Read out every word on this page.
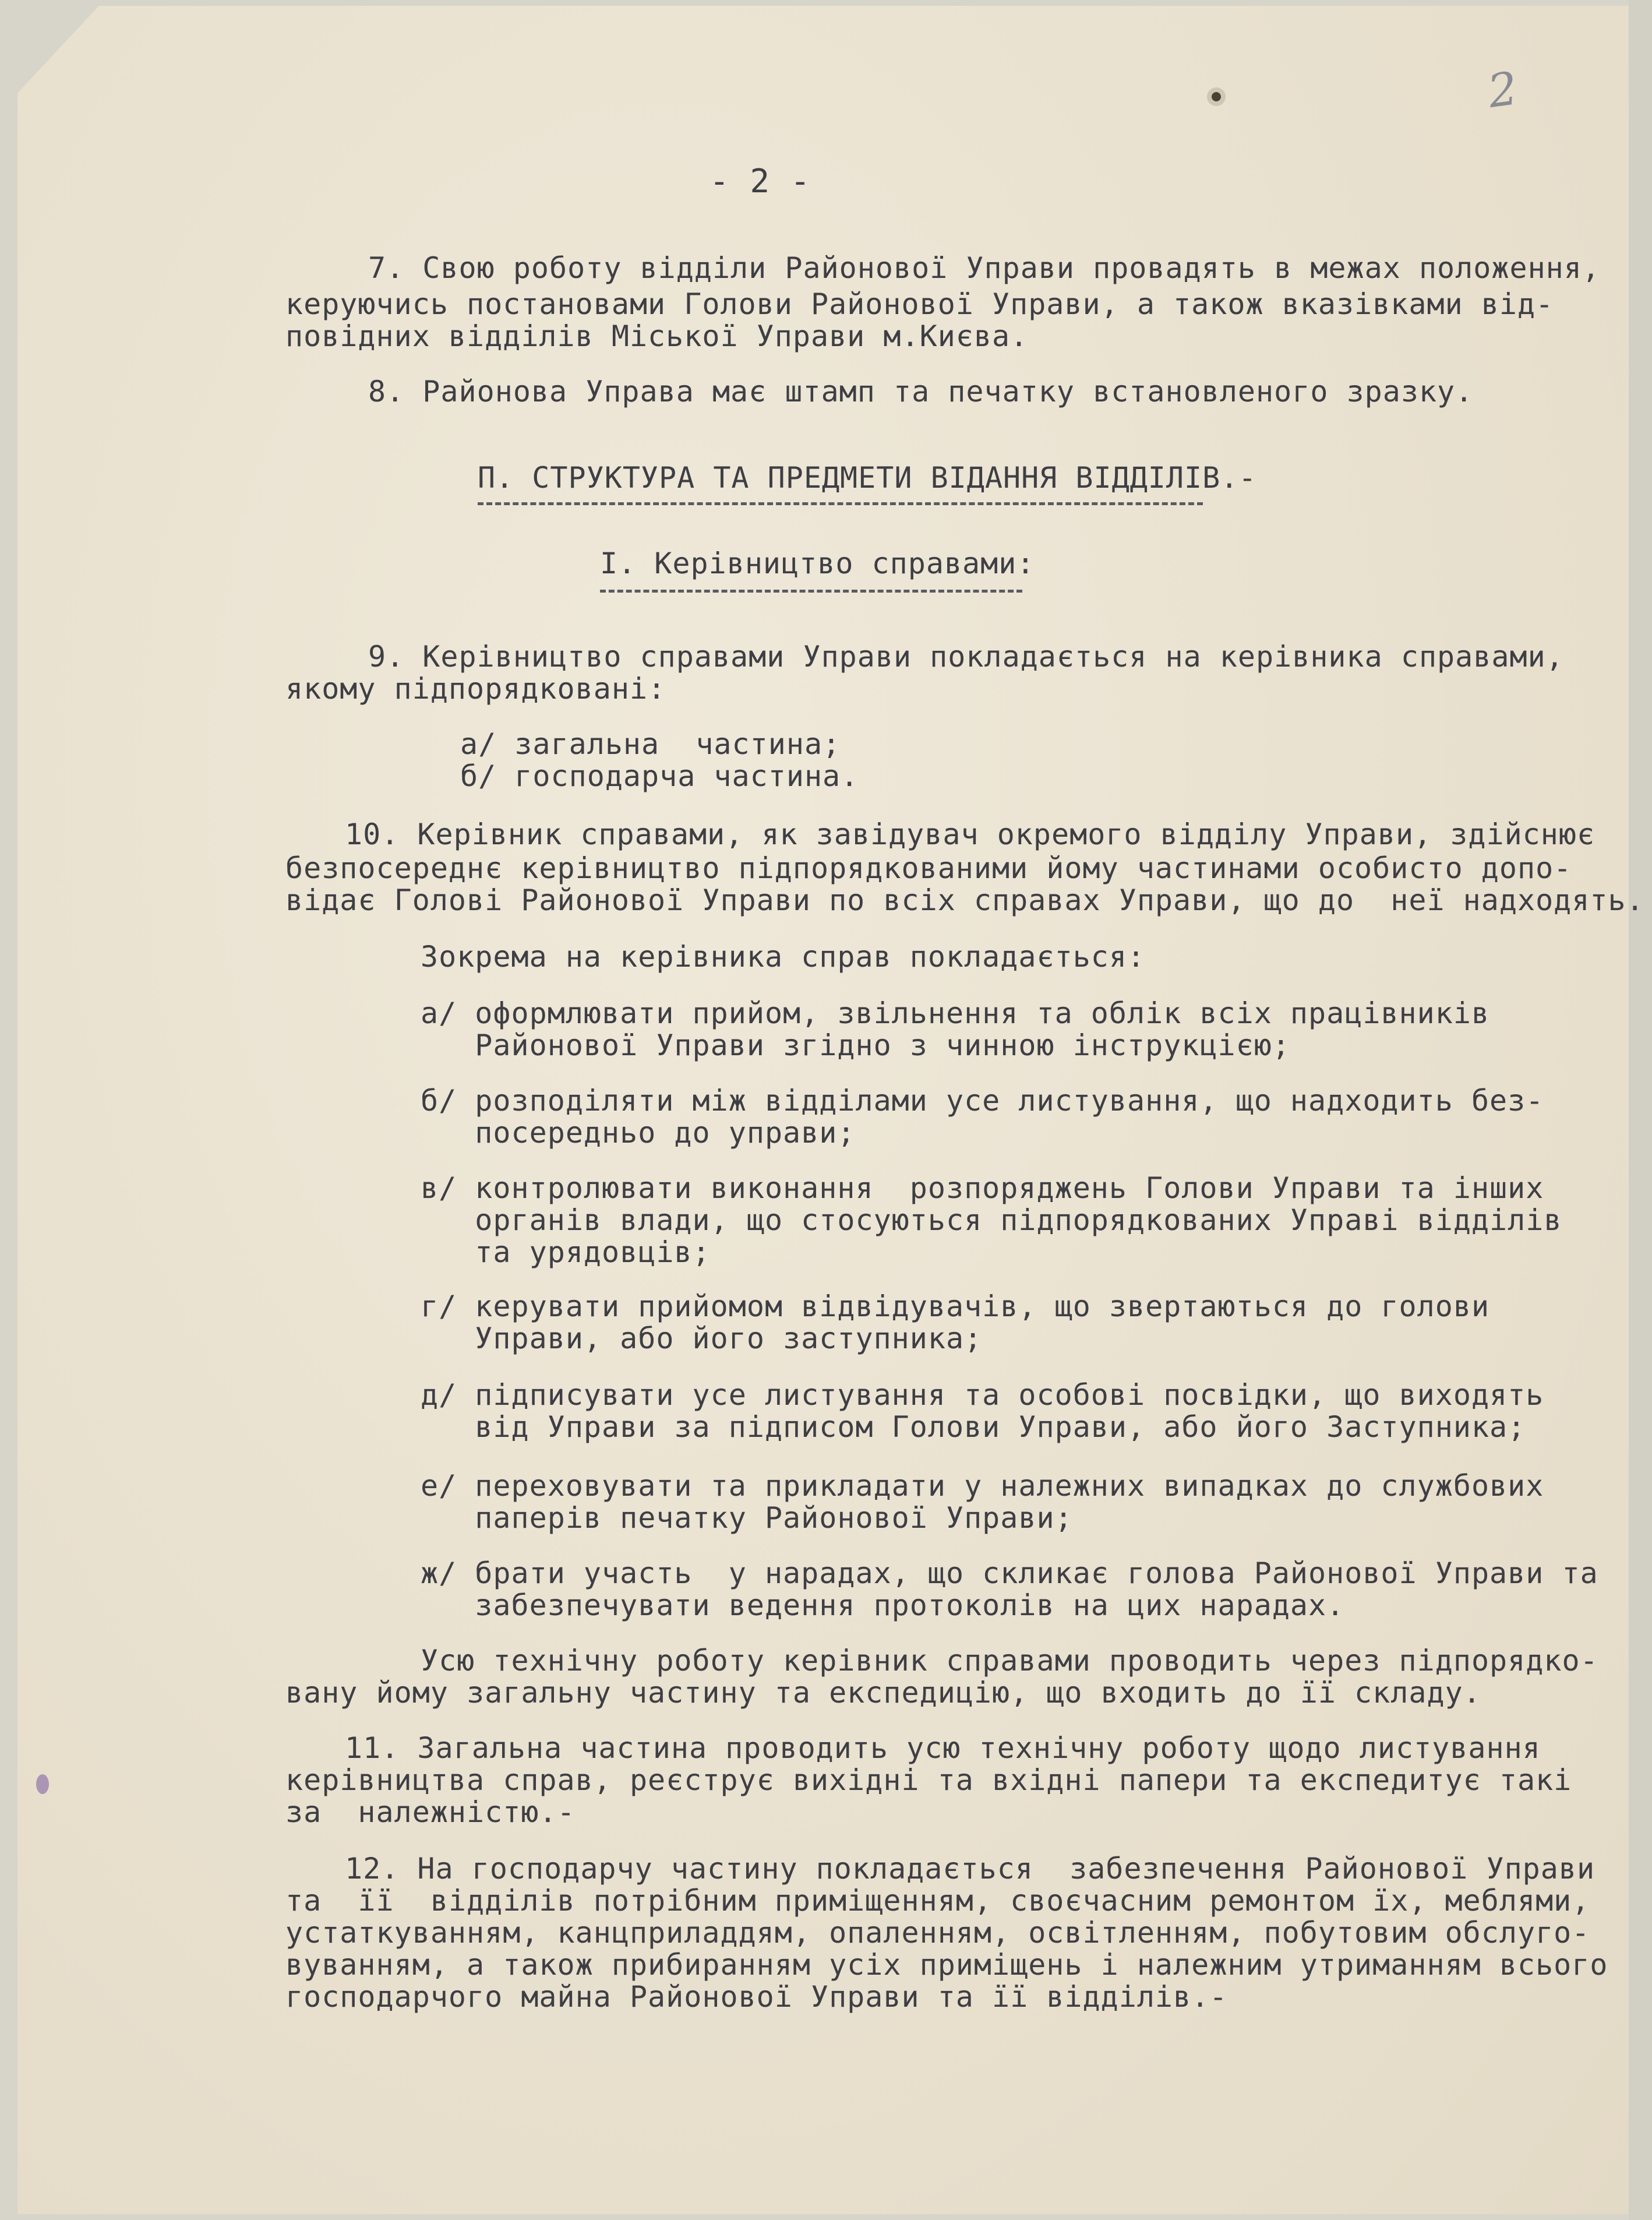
2
- 2 -
7. Свою роботу відділи Районової Управи провадять в межах положення,
керуючись постановами Голови Районової Управи, а також вказівками від-
повідних відділів Міської Управи м.Києва.
8. Районова Управа має штамп та печатку встановленого зразку.
П. СТРУКТУРА ТА ПРЕДМЕТИ ВІДАННЯ ВІДДІЛІВ.-
І. Керівництво справами:
9. Керівництво справами Управи покладається на керівника справами,
якому підпорядковані:
а/ загальна  частина;
б/ господарча частина.
10. Керівник справами, як завідувач окремого відділу Управи, здійснює
безпосереднє керівництво підпорядкованими йому частинами особисто допо-
відає Голові Районової Управи по всіх справах Управи, що до  неї надходять.
Зокрема на керівника справ покладається:
а/ оформлювати прийом, звільнення та облік всіх працівників
Районової Управи згідно з чинною інструкцією;
б/ розподіляти між відділами усе листування, що надходить без-
посередньо до управи;
в/ контролювати виконання  розпоряджень Голови Управи та інших
органів влади, що стосуються підпорядкованих Управі відділів
та урядовців;
г/ керувати прийомом відвідувачів, що звертаються до голови
Управи, або його заступника;
д/ підписувати усе листування та особові посвідки, що виходять
від Управи за підписом Голови Управи, або його Заступника;
е/ переховувати та прикладати у належних випадках до службових
паперів печатку Районової Управи;
ж/ брати участь  у нарадах, що скликає голова Районової Управи та
забезпечувати ведення протоколів на цих нарадах.
Усю технічну роботу керівник справами проводить через підпорядко-
вану йому загальну частину та експедицію, що входить до її складу.
11. Загальна частина проводить усю технічну роботу щодо листування
керівництва справ, реєструє вихідні та вхідні папери та експедитує такі
за  належністю.-
12. На господарчу частину покладається  забезпечення Районової Управи
та  її  відділів потрібним приміщенням, своєчасним ремонтом їх, меблями,
устаткуванням, канцприладдям, опаленням, освітленням, побутовим обслуго-
вуванням, а також прибиранням усіх приміщень і належним утриманням всього
господарчого майна Районової Управи та її відділів.-
